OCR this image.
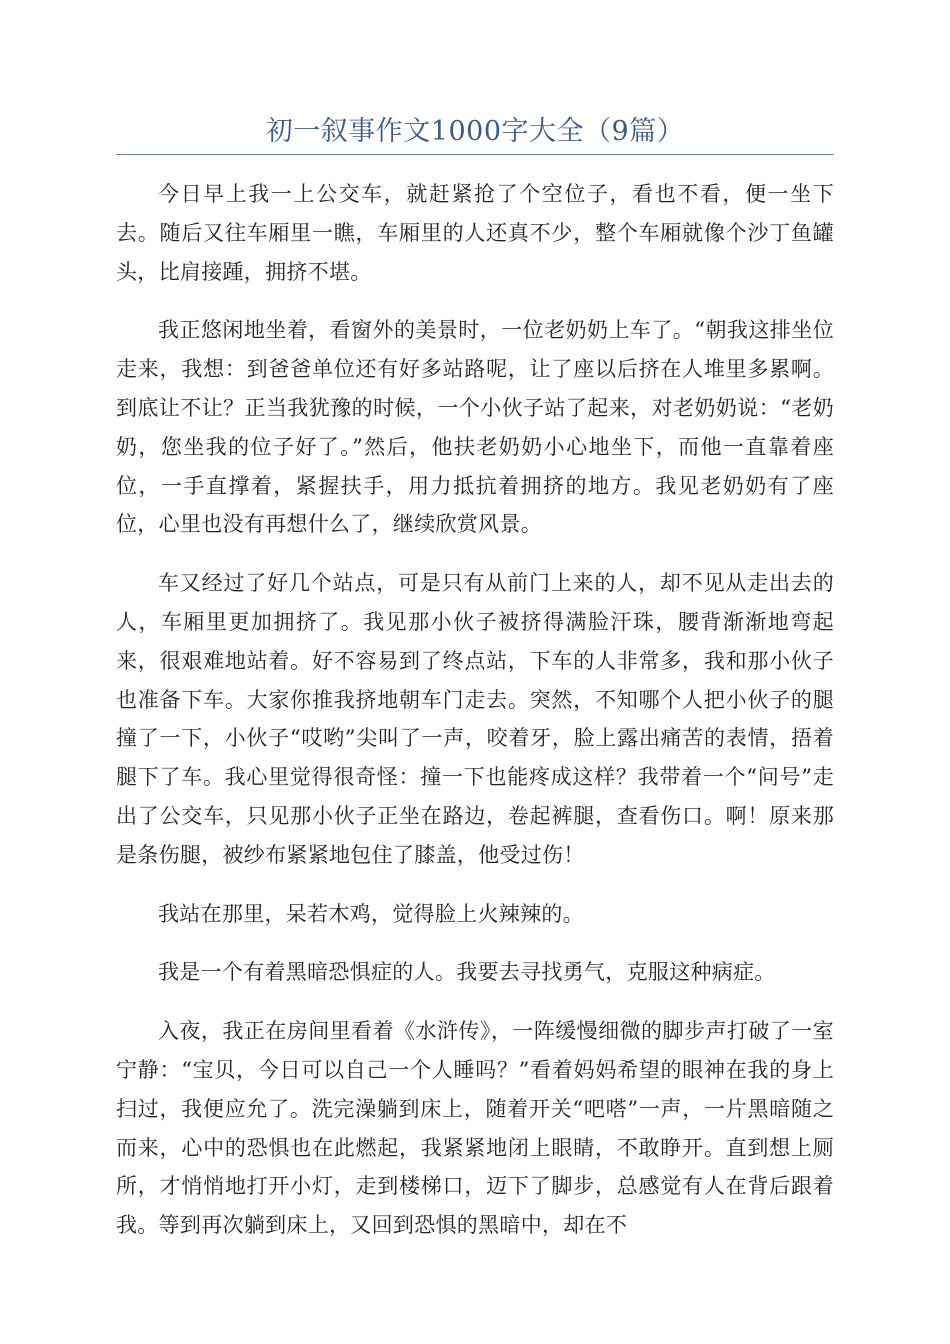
初一叙事作文1000字大全（9篇）

今日早上我一上公交车，就赶紧抢了个空位子，看也不看，便一坐下去。随后又往车厢里一瞧，车厢里的人还真不少，整个车厢就像个沙丁鱼罐头，比肩接踵，拥挤不堪。

我正悠闲地坐着，看窗外的美景时，一位老奶奶上车了。“朝我这排坐位走来，我想：到爸爸单位还有好多站路呢，让了座以后挤在人堆里多累啊。到底让不让？正当我犹豫的时候，一个小伙子站了起来，对老奶奶说：“老奶奶，您坐我的位子好了。”然后，他扶老奶奶小心地坐下，而他一直靠着座位，一手直撑着，紧握扶手，用力抵抗着拥挤的地方。我见老奶奶有了座位，心里也没有再想什么了，继续欣赏风景。

车又经过了好几个站点，可是只有从前门上来的人，却不见从走出去的人，车厢里更加拥挤了。我见那小伙子被挤得满脸汗珠，腰背渐渐地弯起来，很艰难地站着。好不容易到了终点站，下车的人非常多，我和那小伙子也准备下车。大家你推我挤地朝车门走去。突然，不知哪个人把小伙子的腿撞了一下，小伙子“哎哟”尖叫了一声，咬着牙，脸上露出痛苦的表情，捂着腿下了车。我心里觉得很奇怪：撞一下也能疼成这样？我带着一个“问号”走出了公交车，只见那小伙子正坐在路边，卷起裤腿，查看伤口。啊！原来那是条伤腿，被纱布紧紧地包住了膝盖，他受过伤！

我站在那里，呆若木鸡，觉得脸上火辣辣的。

我是一个有着黑暗恐惧症的人。我要去寻找勇气，克服这种病症。

入夜，我正在房间里看着《水浒传》，一阵缓慢细微的脚步声打破了一室宁静：“宝贝，今日可以自己一个人睡吗？”看着妈妈希望的眼神在我的身上扫过，我便应允了。洗完澡躺到床上，随着开关“吧嗒”一声，一片黑暗随之而来，心中的恐惧也在此燃起，我紧紧地闭上眼睛，不敢睁开。直到想上厕所，才悄悄地打开小灯，走到楼梯口，迈下了脚步，总感觉有人在背后跟着我。等到再次躺到床上，又回到恐惧的黑暗中，却在不
